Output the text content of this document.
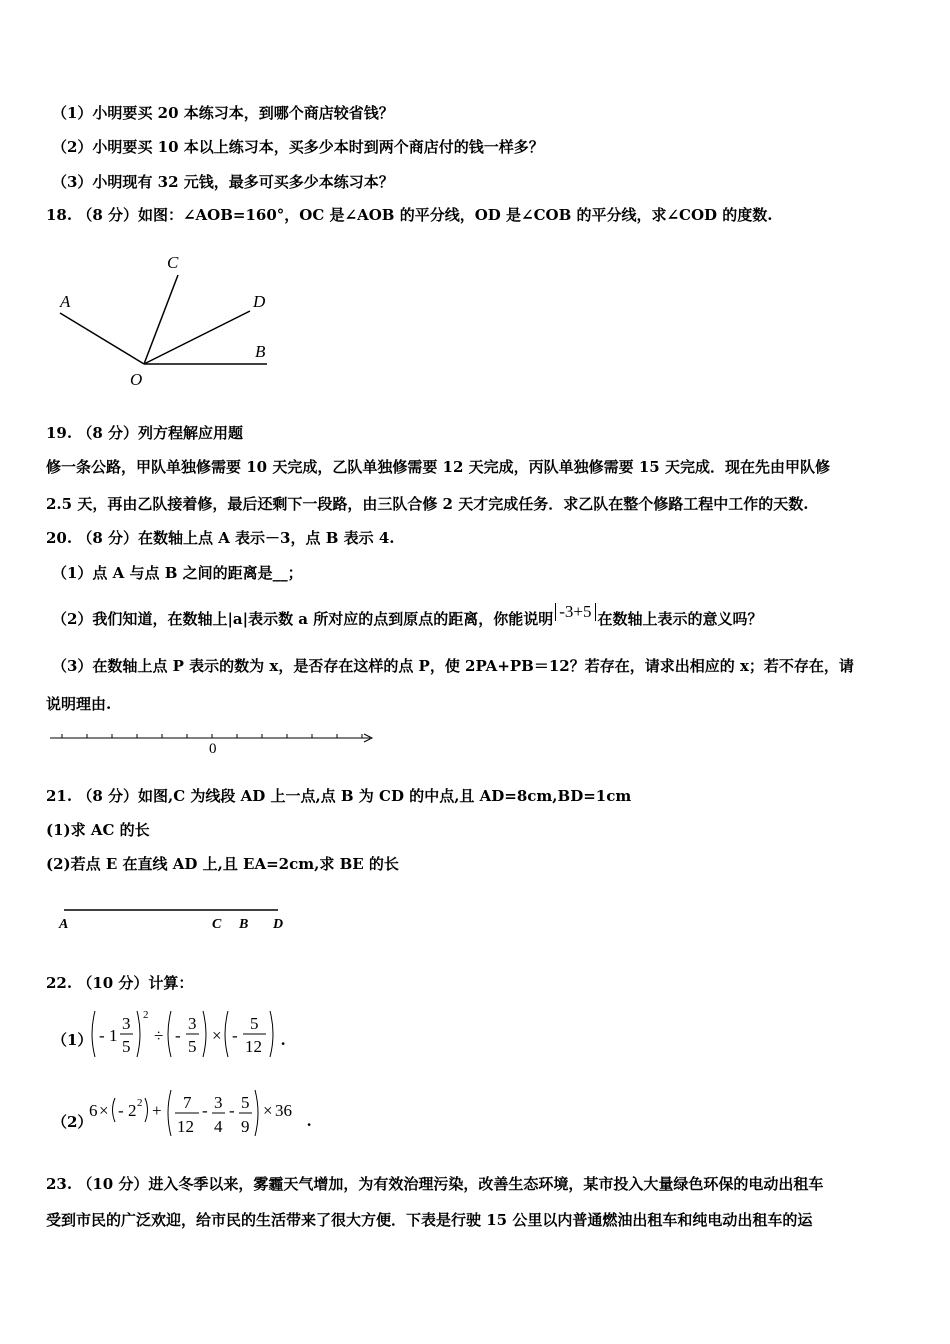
（1）小明要买 20 本练习本，到哪个商店较省钱？
（2）小明要买 10 本以上练习本，买多少本时到两个商店付的钱一样多？
（3）小明现有 32 元钱，最多可买多少本练习本？
18. （8 分）如图：∠AOB=160°，OC 是∠AOB 的平分线，OD 是∠COB 的平分线，求∠COD 的度数.
A
C
D
B
O
19. （8 分）列方程解应用题
修一条公路，甲队单独修需要 10 天完成，乙队单独修需要 12 天完成，丙队单独修需要 15 天完成．现在先由甲队修
2.5 天，再由乙队接着修，最后还剩下一段路，由三队合修 2 天才完成任务．求乙队在整个修路工程中工作的天数.
20. （8 分）在数轴上点 A 表示－3，点 B 表示 4.
（1）点 A 与点 B 之间的距离是__；
（2）我们知道，在数轴上|a|表示数 a 所对应的点到原点的距离，你能说明 -3+5 在数轴上表示的意义吗？
（3）在数轴上点 P 表示的数为 x，是否存在这样的点 P，使 2PA+PB＝12？若存在，请求出相应的 x；若不存在，请
说明理由.
0
21. （8 分）如图,C 为线段 AD 上一点,点 B 为 CD 的中点,且 AD=8cm,BD=1cm
(1)求 AC 的长
(2)若点 E 在直线 AD 上,且 EA=2cm,求 BE 的长
A	C B D
22. （10 分）计算：
（1） - 1
3
5
2
÷ -
3
5
× -
5
12 .
（2）
6 × - 2 2 + 7
12
- 3
4
- 5
9
× 36
.
23. （10 分）进入冬季以来，雾霾天气增加，为有效治理污染，改善生态环境，某市投入大量绿色环保的电动出租车
受到市民的广泛欢迎，给市民的生活带来了很大方便．下表是行驶 15 公里以内普通燃油出租车和纯电动出租车的运
